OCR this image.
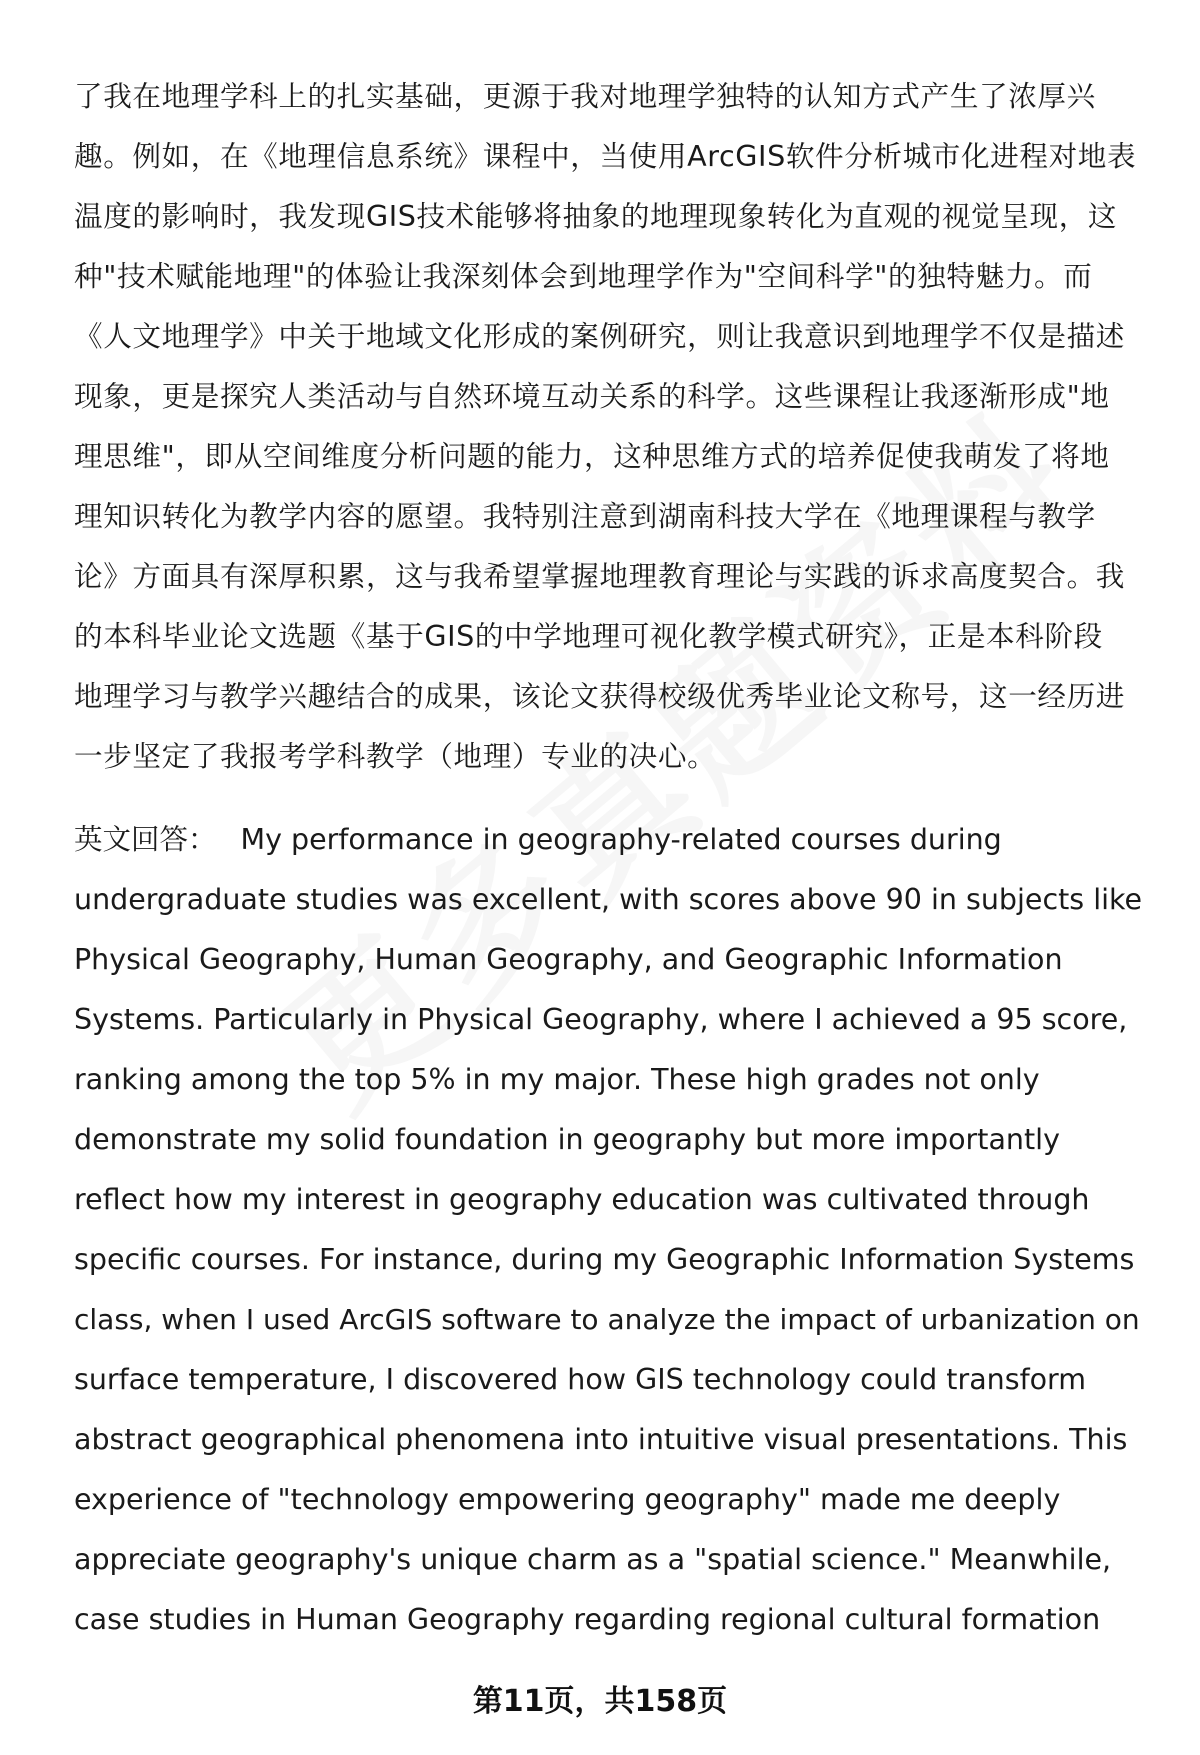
了我在地理学科上的扎实基础，更源于我对地理学独特的认知方式产生了浓厚兴
趣。例如，在《地理信息系统》课程中，当使用ArcGIS软件分析城市化进程对地表
温度的影响时，我发现GIS技术能够将抽象的地理现象转化为直观的视觉呈现，这
种"技术赋能地理"的体验让我深刻体会到地理学作为"空间科学"的独特魅力。而
《人文地理学》中关于地域文化形成的案例研究，则让我意识到地理学不仅是描述
现象，更是探究人类活动与自然环境互动关系的科学。这些课程让我逐渐形成"地
理思维"，即从空间维度分析问题的能力，这种思维方式的培养促使我萌发了将地
理知识转化为教学内容的愿望。我特别注意到湖南科技大学在《地理课程与教学
论》方面具有深厚积累，这与我希望掌握地理教育理论与实践的诉求高度契合。我
的本科毕业论文选题《基于GIS的中学地理可视化教学模式研究》，正是本科阶段
地理学习与教学兴趣结合的成果，该论文获得校级优秀毕业论文称号，这一经历进
一步坚定了我报考学科教学（地理）专业的决心。
英文回答： My performance in geography-related courses during
undergraduate studies was excellent, with scores above 90 in subjects like
Physical Geography, Human Geography, and Geographic Information
Systems. Particularly in Physical Geography, where I achieved a 95 score,
ranking among the top 5% in my major. These high grades not only
demonstrate my solid foundation in geography but more importantly
reflect how my interest in geography education was cultivated through
specific courses. For instance, during my Geographic Information Systems
class, when I used ArcGIS software to analyze the impact of urbanization on
surface temperature, I discovered how GIS technology could transform
abstract geographical phenomena into intuitive visual presentations. This
experience of "technology empowering geography" made me deeply
appreciate geography's unique charm as a "spatial science." Meanwhile,
case studies in Human Geography regarding regional cultural formation
第11页，共158页
